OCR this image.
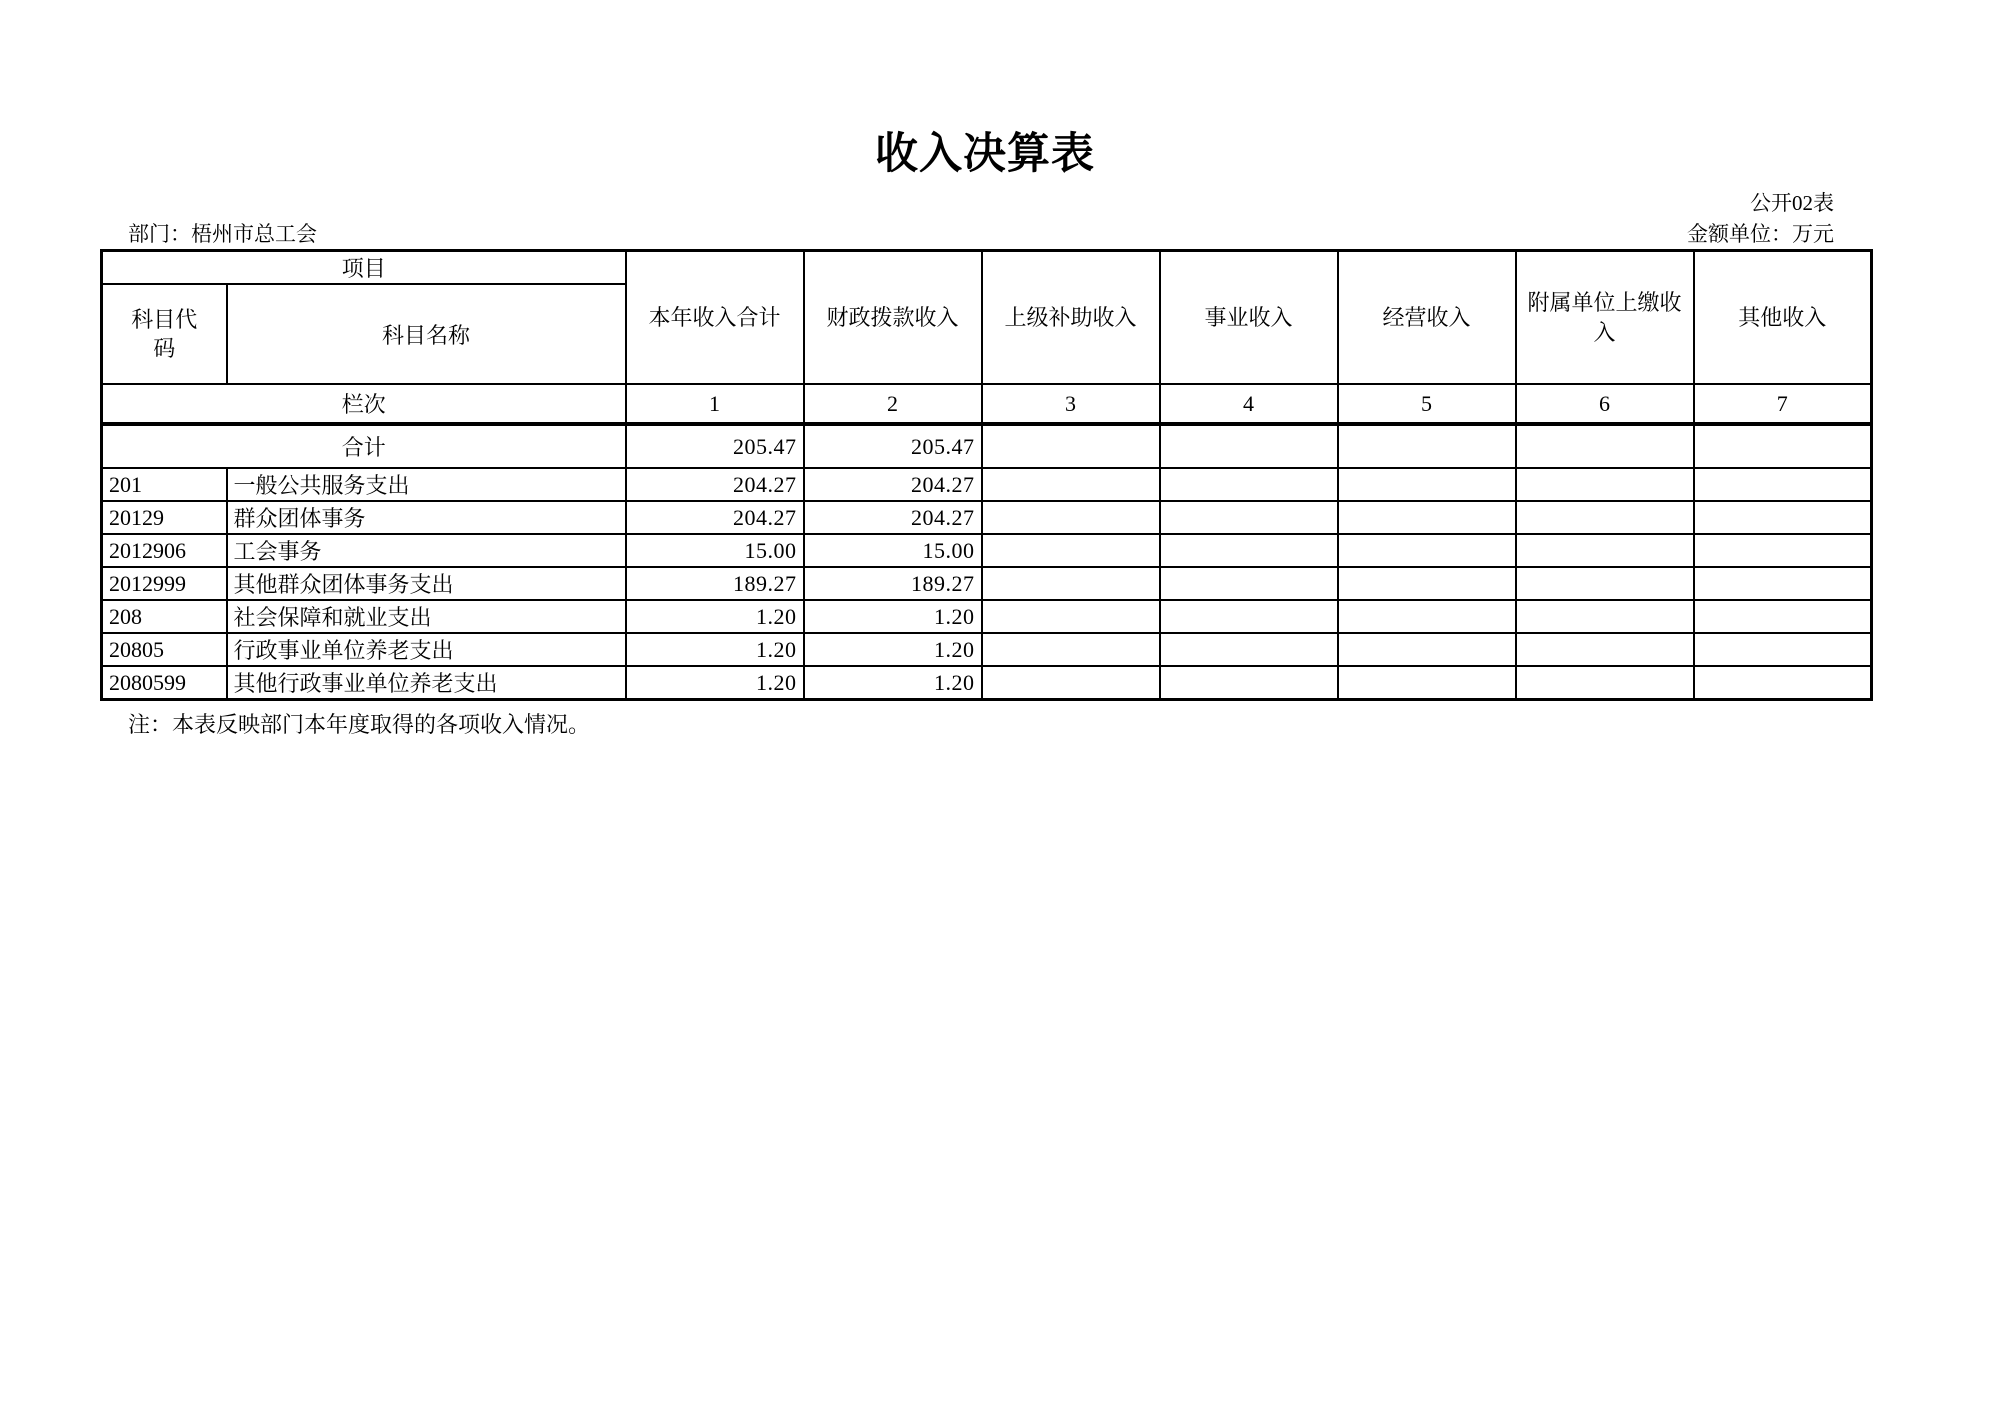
收入决算表
公开02表
部门：梧州市总工会	金额单位：万元
项目		本年收入合计	财政拨款收入	上级补助收入	事业收入	经营收入	附属单位上缴收入	其他收入
科目代码	科目名称							
栏次		1	2	3	4	5	6	7
合计		205.47	205.47					
201	一般公共服务支出	204.27	204.27					
20129	群众团体事务	204.27	204.27					
2012906	工会事务	15.00	15.00					
2012999	其他群众团体事务支出	189.27	189.27					
208	社会保障和就业支出	1.20	1.20					
20805	行政事业单位养老支出	1.20	1.20					
2080599	其他行政事业单位养老支出	1.20	1.20					
注：本表反映部门本年度取得的各项收入情况。
